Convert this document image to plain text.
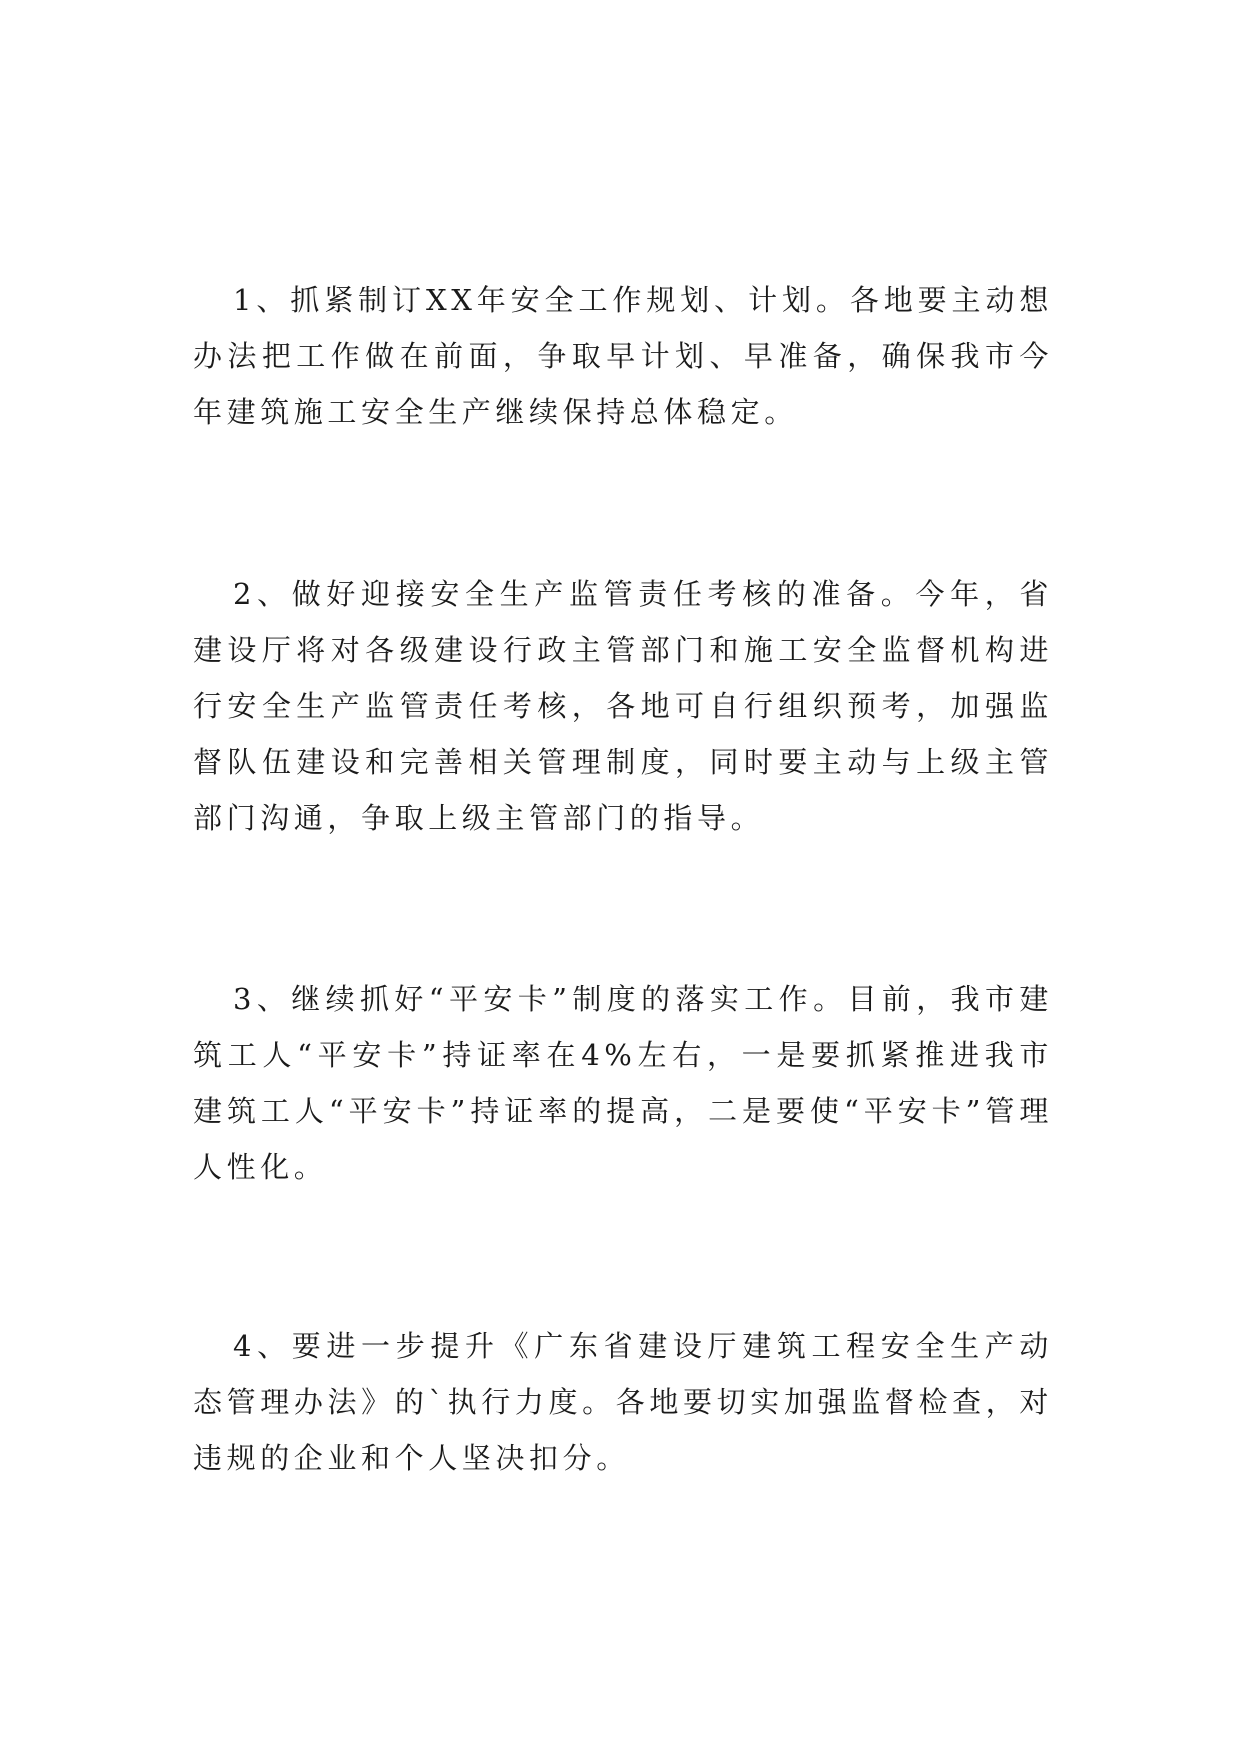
1、抓紧制订XX年安全工作规划、计划。各地要主动想办法把工作做在前面，争取早计划、早准备，确保我市今年建筑施工安全生产继续保持总体稳定。

2、做好迎接安全生产监管责任考核的准备。今年，省建设厅将对各级建设行政主管部门和施工安全监督机构进行安全生产监管责任考核，各地可自行组织预考，加强监督队伍建设和完善相关管理制度，同时要主动与上级主管部门沟通，争取上级主管部门的指导。

3、继续抓好“平安卡”制度的落实工作。目前，我市建筑工人“平安卡”持证率在4%左右，一是要抓紧推进我市建筑工人“平安卡”持证率的提高，二是要使“平安卡”管理人性化。

4、要进一步提升《广东省建设厅建筑工程安全生产动态管理办法》的`执行力度。各地要切实加强监督检查，对违规的企业和个人坚决扣分。
